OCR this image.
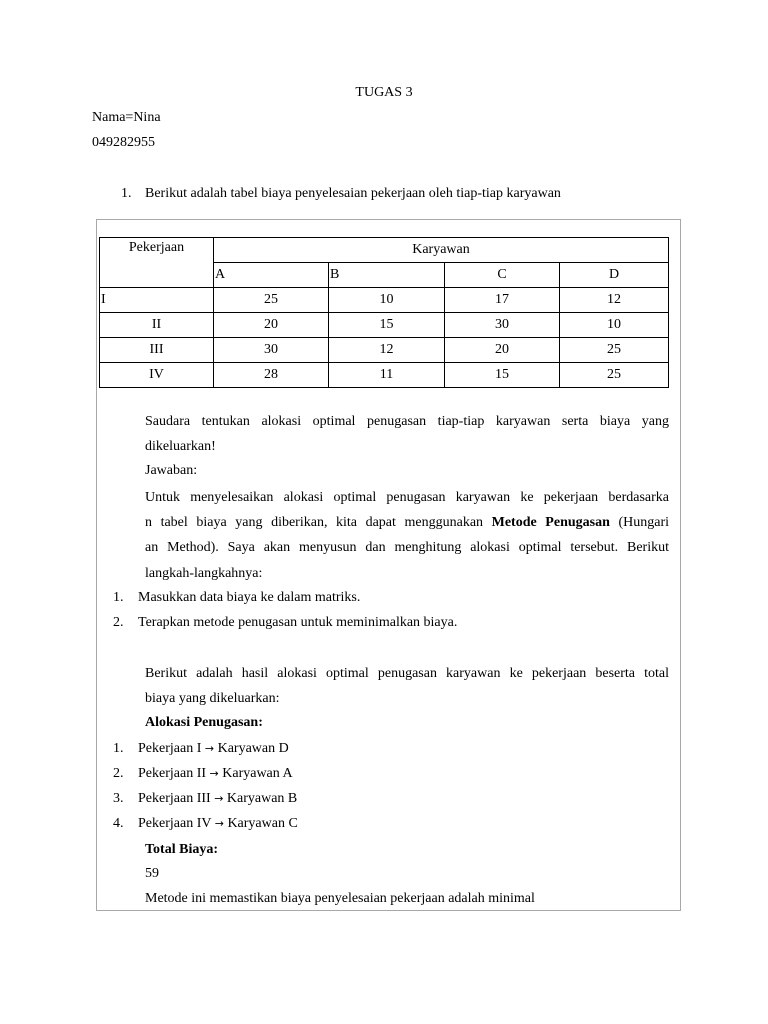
TUGAS 3
Nama=Nina
049282955
1. Berikut adalah tabel biaya penyelesaian pekerjaan oleh tiap-tiap karyawan
Pekerjaan	Karyawan			
	A	B	C	D
I	25	10	17	12
II	20	15	30	10
III	30	12	20	25
IV	28	11	15	25
Saudara tentukan alokasi optimal penugasan tiap-tiap karyawan serta biaya yang
dikeluarkan!
Jawaban:
Untuk menyelesaikan alokasi optimal penugasan karyawan ke pekerjaan berdasarka
n tabel biaya yang diberikan, kita dapat menggunakan Metode Penugasan (Hungari
an Method). Saya akan menyusun dan menghitung alokasi optimal tersebut. Berikut
langkah-langkahnya:
1. Masukkan data biaya ke dalam matriks.
2. Terapkan metode penugasan untuk meminimalkan biaya.
Berikut adalah hasil alokasi optimal penugasan karyawan ke pekerjaan beserta total
biaya yang dikeluarkan:
Alokasi Penugasan:
1. Pekerjaan I → Karyawan D
2. Pekerjaan II → Karyawan A
3. Pekerjaan III → Karyawan B
4. Pekerjaan IV → Karyawan C
Total Biaya:
59
Metode ini memastikan biaya penyelesaian pekerjaan adalah minimal
